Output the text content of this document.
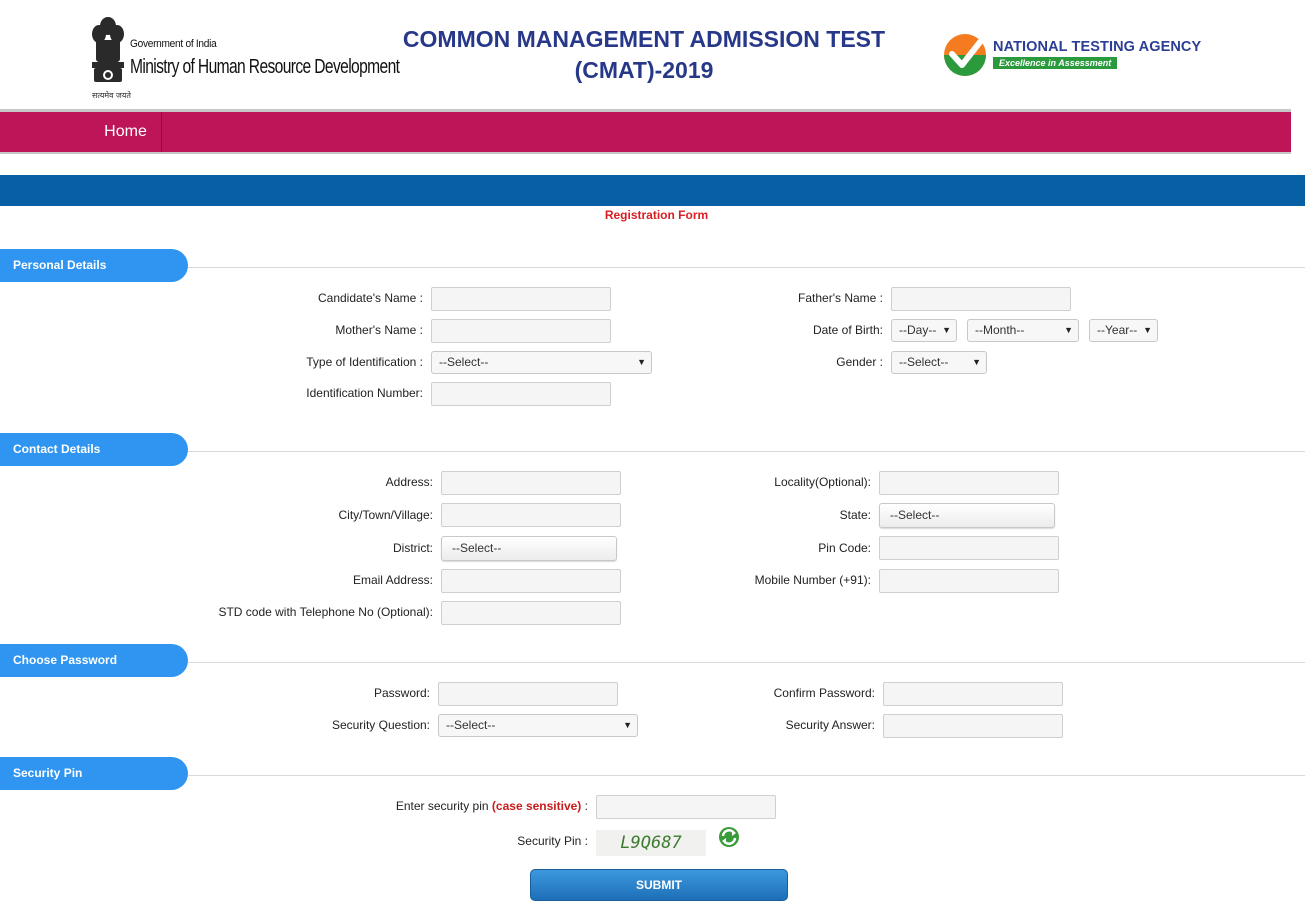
Government of India
Ministry of Human Resource Development
सत्यमेव जयते
COMMON MANAGEMENT ADMISSION TEST
(CMAT)-2019
NATIONAL TESTING AGENCY
Excellence in Assessment
Home
Registration Form
Personal Details
Candidate's Name :	Father's Name :
Mother's Name :	Date of Birth:	--Day-- ▼	--Month--	▼	--Year-- ▼
Type of Identification :	--Select--	▼	Gender :	--Select--	▼
Identification Number:
Contact Details
Address:	Locality(Optional):
City/Town/Village:	State:	--Select--
District:	--Select--	Pin Code:
Email Address:	Mobile Number (+91):
STD code with Telephone No (Optional):
Choose Password
Password:	Confirm Password:
Security Question:	--Select--	▼	Security Answer:
Security Pin
Enter security pin (case sensitive) :
Security Pin :	L9Q687
SUBMIT
